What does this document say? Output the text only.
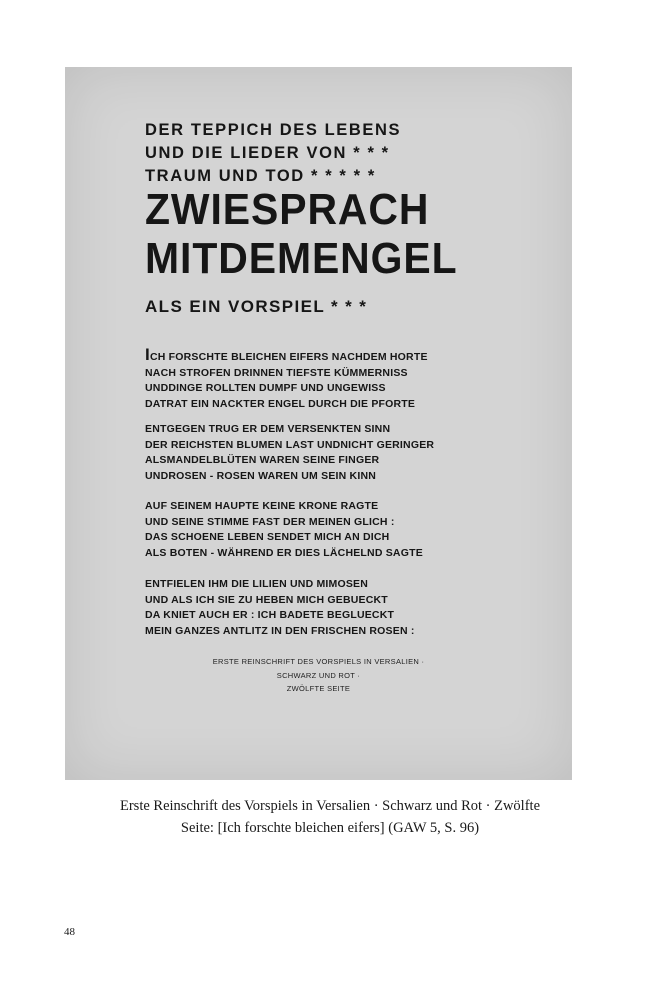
DER TEPPICH DES LEBENS
UND DIE LIEDER VON * * *
TRAUM UND TOD * * * * *
ZWIESPRACH
MITDEMENGEL
ALS EIN VORSPIEL * * *
ICH FORSCHTE BLEICHEN EIFERS NACHDEM HORTE
NACH STROFEN DRINNEN TIEFSTE KÜMMERNISS
UNDDINGE ROLLTEN DUMPF UND UNGEWISS
DATRAT EIN NACKTER ENGEL DURCH DIE PFORTE
ENTGEGEN TRUG ER DEM VERSENKTEN SINN
DER REICHSTEN BLUMEN LAST UNDNICHT GERINGER
ALSMANDELBLÜTEN WAREN SEINE FINGER
UNDROSEN - ROSEN WAREN UM SEIN KINN
AUF SEINEM HAUPTE KEINE KRONE RAGTE
UND SEINE STIMME FAST DER MEINEN GLICH :
DAS SCHOENE LEBEN SENDET MICH AN DICH
ALS BOTEN - WÄHREND ER DIES LÄCHELND SAGTE
ENTFIELEN IHM DIE LILIEN UND MIMOSEN
UND ALS ICH SIE ZU HEBEN MICH GEBUECKT
DA KNIET AUCH ER : ICH BADETE BEGLUECKT
MEIN GANZES ANTLITZ IN DEN FRISCHEN ROSEN :
ERSTE REINSCHRIFT DES VORSPIELS IN VERSALIEN ·
SCHWARZ UND ROT ·
ZWÖLFTE SEITE
Erste Reinschrift des Vorspiels in Versalien · Schwarz und Rot · Zwölfte
Seite: [Ich forschte bleichen eifers] (GAW 5, S. 96)
48
